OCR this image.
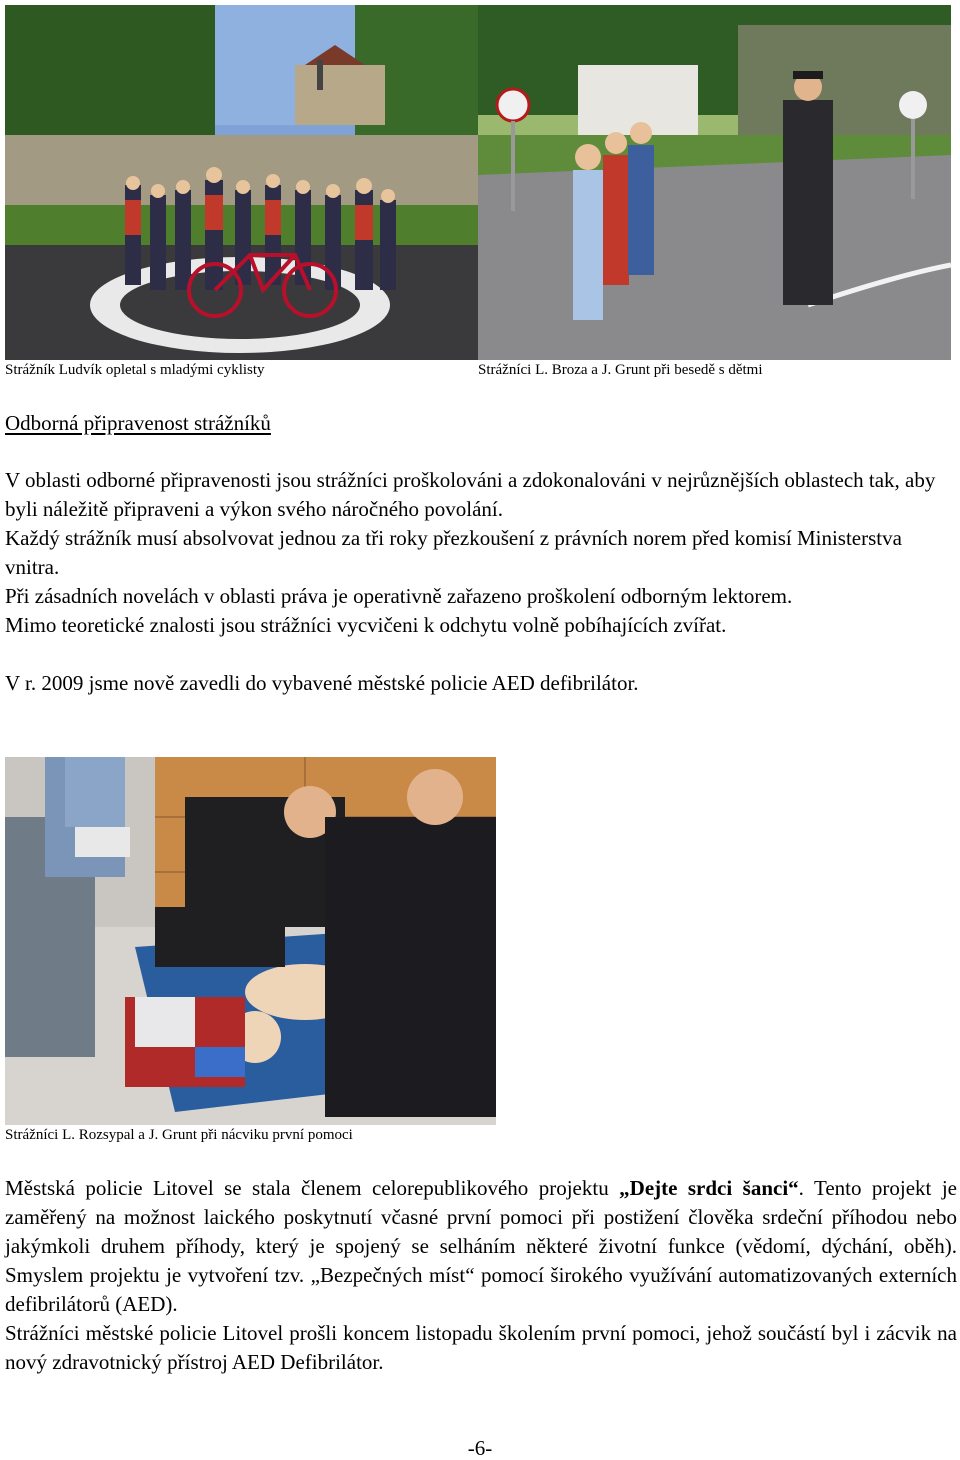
Strážník Ludvík opletal s mladými cyklisty	Strážníci L. Broza a J. Grunt při besedě s dětmi
Odborná připravenost strážníků

V oblasti odborné připravenosti jsou strážníci proškolováni a zdokonalováni v nejrůznějších oblastech tak, aby byli náležitě připraveni a výkon svého náročného povolání.

Každý strážník musí absolvovat jednou za tři roky přezkoušení z právních norem před komisí Ministerstva vnitra.

Při zásadních novelách v oblasti práva je operativně zařazeno proškolení odborným lektorem.

Mimo teoretické znalosti jsou strážníci vycvičeni k odchytu volně pobíhajících zvířat.

V r. 2009 jsme nově zavedli do vybavené městské policie AED defibrilátor.

Strážníci L. Rozsypal a J. Grunt při nácviku první pomoci

Městská policie Litovel se stala členem celorepublikového projektu „Dejte srdci šanci“. Tento projekt je zaměřený na možnost laického poskytnutí včasné první pomoci při postižení člověka srdeční příhodou nebo jakýmkoli druhem příhody, který je spojený se selháním některé životní funkce (vědomí, dýchání, oběh). Smyslem projektu je vytvoření tzv. „Bezpečných míst“ pomocí širokého využívání automatizovaných externích defibrilátorů (AED).

Strážníci městské policie Litovel prošli koncem listopadu školením první pomoci, jehož součástí byl i zácvik na nový zdravotnický přístroj AED Defibrilátor.

-6-
